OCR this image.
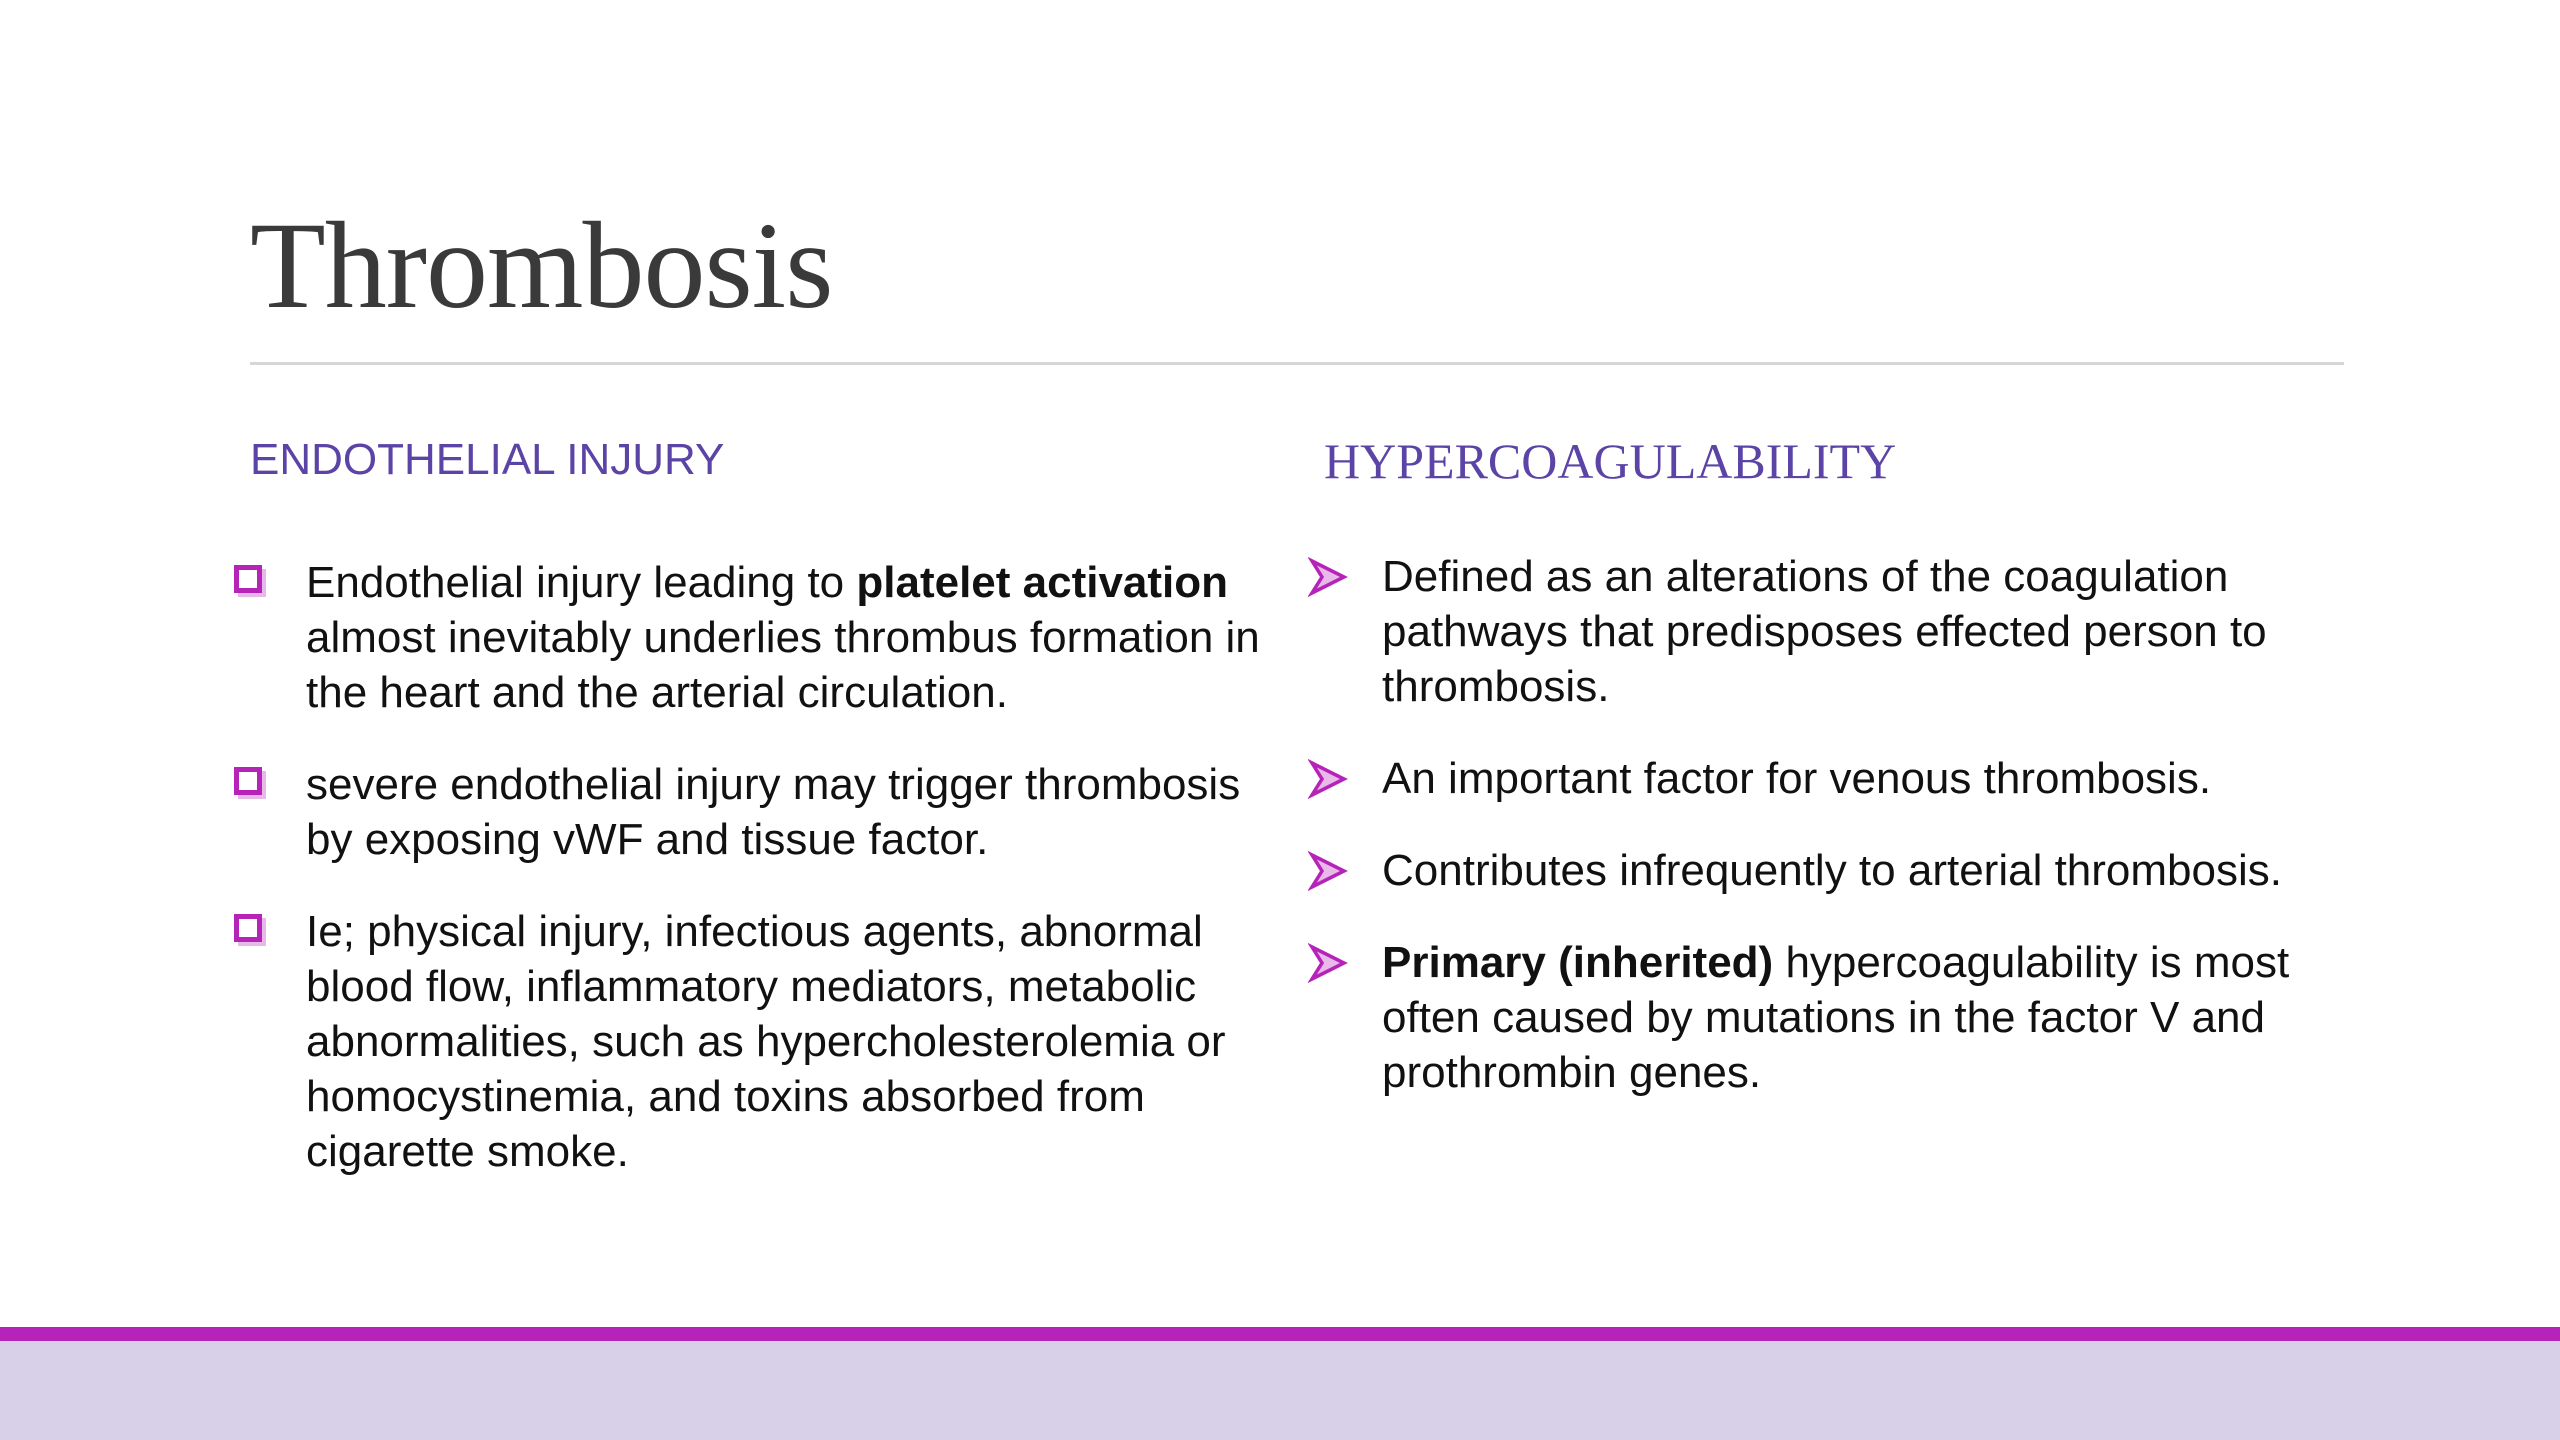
Thrombosis
ENDOTHELIAL INJURY
Endothelial injury leading to platelet activation almost inevitably underlies thrombus formation in the heart and the arterial circulation.
severe endothelial injury may trigger thrombosis by exposing vWF and tissue factor.
Ie; physical injury, infectious agents, abnormal blood flow, inflammatory mediators, metabolic abnormalities, such as hypercholesterolemia or homocystinemia, and toxins absorbed from cigarette smoke.
HYPERCOAGULABILITY
Defined as an alterations of the coagulation pathways that predisposes effected person to thrombosis.
An important factor for venous thrombosis.
Contributes infrequently to arterial thrombosis.
Primary (inherited) hypercoagulability is most often caused by mutations in the factor V and prothrombin genes.
